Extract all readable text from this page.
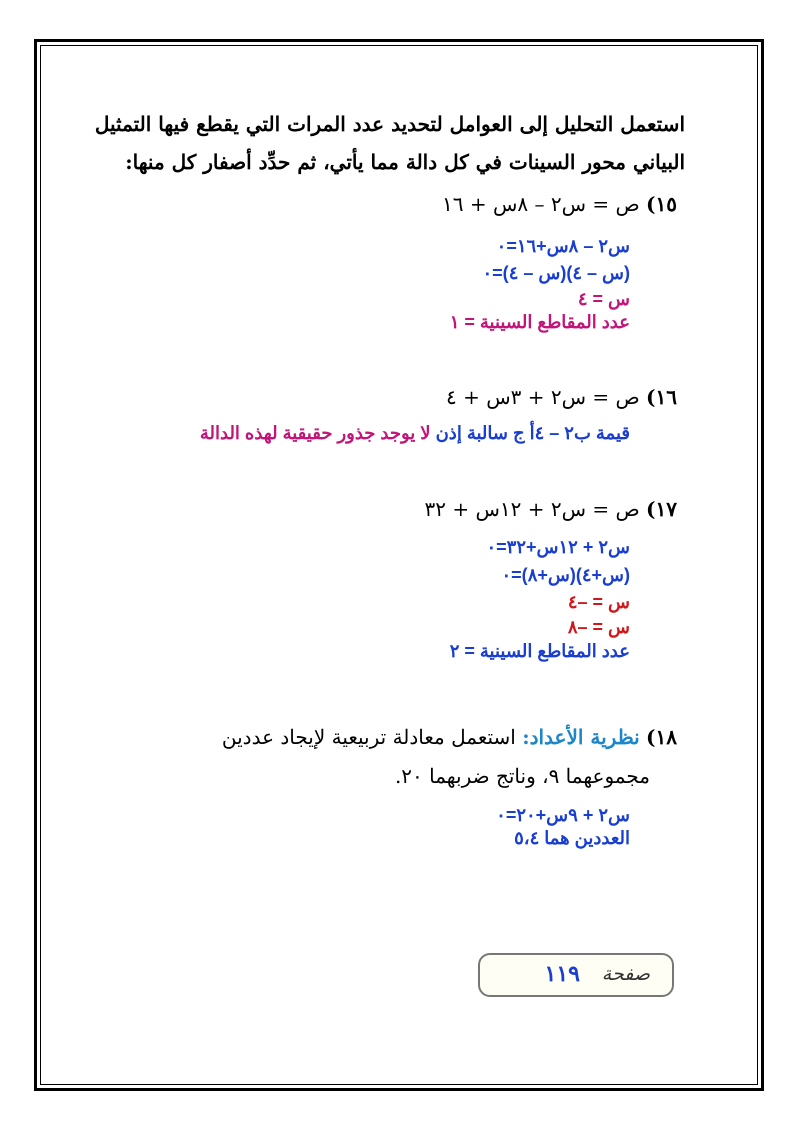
استعمل التحليل إلى العوامل لتحديد عدد المرات التي يقطع فيها التمثيل
البياني محور السينات في كل دالة مما يأتي، ثم حدِّد أصفار كل منها:
١٥) ص = س٢ – ٨س + ١٦
س٢ – ٨س+١٦=٠
(س – ٤)(س – ٤)=٠
س = ٤
عدد المقاطع السينية = ١
١٦) ص = س٢ + ٣س + ٤
قيمة ب٢ – ٤أ ج سالبة إذن لا يوجد جذور حقيقية لهذه الدالة
١٧) ص = س٢ + ١٢س + ٣٢
س٢ + ١٢س+٣٢=٠
(س+٤)(س+٨)=٠
س = –٤
س = –٨
عدد المقاطع السينية = ٢
١٨) نظرية الأعداد: استعمل معادلة تربيعية لإيجاد عددين
مجموعهما ٩، وناتج ضربهما ٢٠.
س٢ + ٩س+٢٠=٠
العددين هما ٥،٤
صفحة
١١٩
